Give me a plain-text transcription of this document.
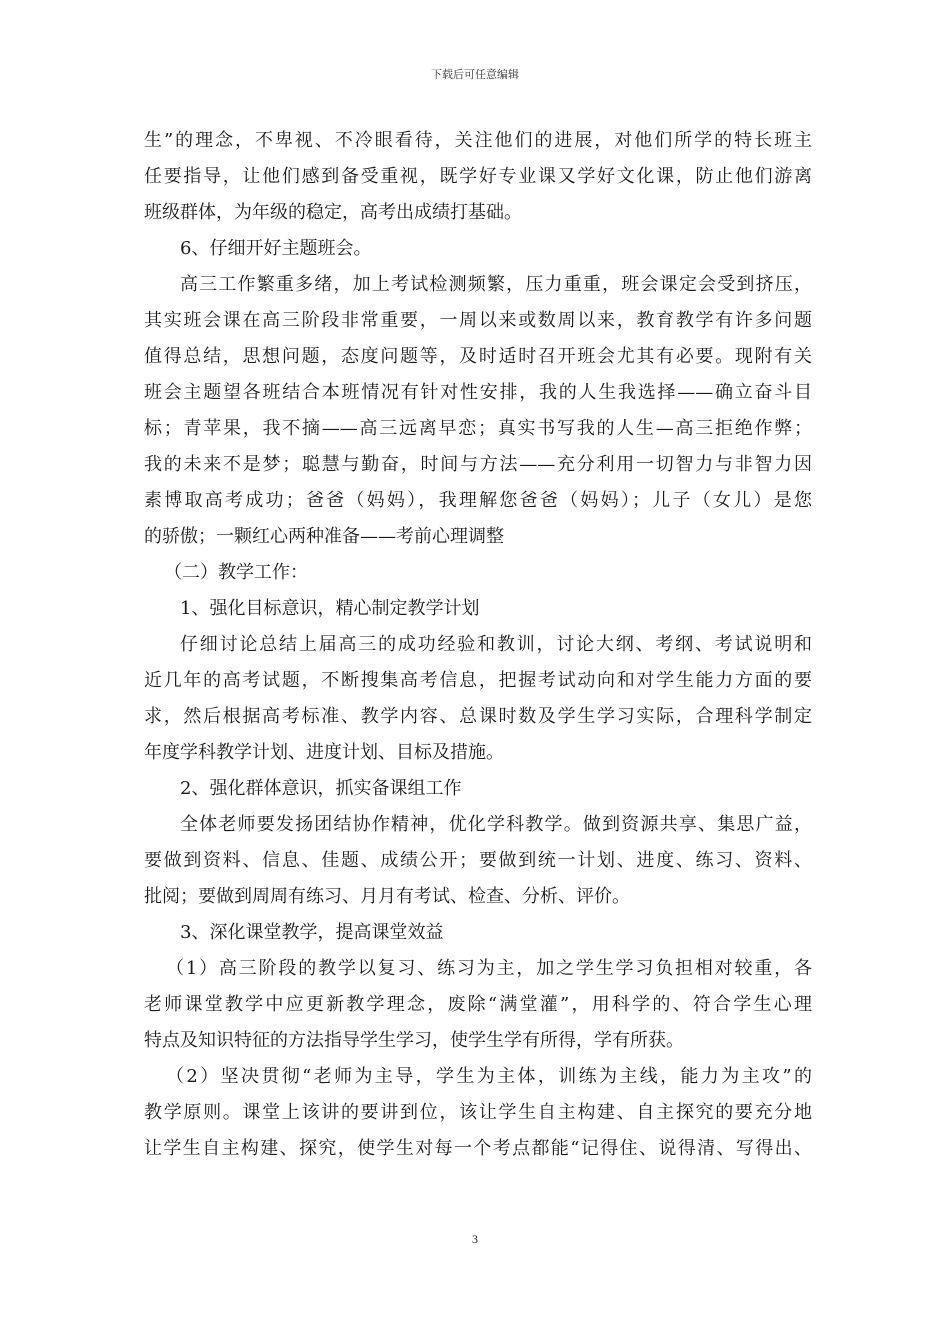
下载后可任意编辑
生”的理念，不卑视、不冷眼看待，关注他们的进展，对他们所学的特长班主
任要指导，让他们感到备受重视，既学好专业课又学好文化课，防止他们游离
班级群体，为年级的稳定，高考出成绩打基础。
6、仔细开好主题班会。
高三工作繁重多绪，加上考试检测频繁，压力重重，班会课定会受到挤压，
其实班会课在高三阶段非常重要，一周以来或数周以来，教育教学有许多问题
值得总结，思想问题，态度问题等，及时适时召开班会尤其有必要。现附有关
班会主题望各班结合本班情况有针对性安排，我的人生我选择——确立奋斗目
标；青苹果，我不摘——高三远离早恋；真实书写我的人生—高三拒绝作弊；
我的未来不是梦；聪慧与勤奋，时间与方法——充分利用一切智力与非智力因
素博取高考成功；爸爸（妈妈），我理解您爸爸（妈妈）；儿子（女儿）是您
的骄傲；一颗红心两种准备——考前心理调整
（二）教学工作：
1、强化目标意识，精心制定教学计划
仔细讨论总结上届高三的成功经验和教训，讨论大纲、考纲、考试说明和
近几年的高考试题，不断搜集高考信息，把握考试动向和对学生能力方面的要
求，然后根据高考标准、教学内容、总课时数及学生学习实际，合理科学制定
年度学科教学计划、进度计划、目标及措施。
2、强化群体意识，抓实备课组工作
全体老师要发扬团结协作精神，优化学科教学。做到资源共享、集思广益，
要做到资料、信息、佳题、成绩公开；要做到统一计划、进度、练习、资料、
批阅；要做到周周有练习、月月有考试、检查、分析、评价。
3、深化课堂教学，提高课堂效益
（1）高三阶段的教学以复习、练习为主，加之学生学习负担相对较重，各
老师课堂教学中应更新教学理念，废除“满堂灌”，用科学的、符合学生心理
特点及知识特征的方法指导学生学习，使学生学有所得，学有所获。
（2）坚决贯彻“老师为主导，学生为主体，训练为主线，能力为主攻”的
教学原则。课堂上该讲的要讲到位，该让学生自主构建、自主探究的要充分地
让学生自主构建、探究，使学生对每一个考点都能“记得住、说得清、写得出、
3
